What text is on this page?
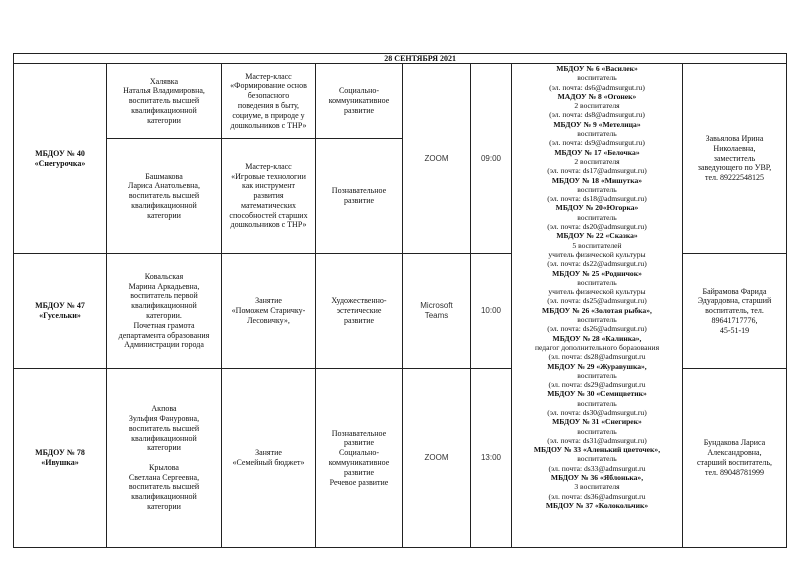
28 СЕНТЯБРЯ 2021
МБДОУ № 40
«Снегурочка»
Халявка
Наталья Владимировна,
воспитатель высшей
квалификационной
категории
Мастер-класс
«Формирование основ
безопасного
поведения в быту,
социуме, в природе у
дошкольников с ТНР»
Социально-
коммуникативное
развитие
Башмакова
Лариса Анатольевна,
воспитатель высшей
квалификационной
категории
Мастер-класс
«Игровые технологии
как инструмент
развития
математических
способностей старших
дошкольников с ТНР»
Познавательное
развитие
ZOOM	09:00
Завьялова Ирина
Николаевна,
заместитель
заведующего по УВР,
тел. 89222548125
МБДОУ № 47
«Гусельки»
Ковальская
Марина Аркадьевна,
воспитатель первой
квалификационной
категории.
Почетная грамота
департамента образования
Администрации города
Занятие
«Поможем Старичку-
Лесовичку»,
Художественно-
эстетические
развитие
Microsoft
Teams
10:00
Байрамова Фарида
Эдуардовна, старший
воспитатель, тел.
89641717776,
45-51-19
МБДОУ № 78
«Ивушка»
Акпова
Зульфия Фануровна,
воспитатель высшей
квалификационной
категории

Крылова
Светлана Сергеевна,
воспитатель высшей
квалификационной
категории
Занятие
«Семейный бюджет»
Познавательное
развитие
Социально-
коммуникативное
развитие
Речевое развитие
ZOOM	13:00
Бундакова Лариса
Александровна,
старший воспитатель,
тел. 89048781999
МБДОУ № 6 «Василек»
воспитатель
(эл. почта: ds6@admsurgut.ru)
МАДОУ № 8 «Огонек»
2 воспитателя
(эл. почта: ds8@admsurgut.ru)
МБДОУ № 9 «Метелица»
воспитатель
(эл. почта: ds9@admsurgut.ru)
МБДОУ № 17 «Белочка»
2 воспитателя
(эл. почта: ds17@admsurgut.ru)
МБДОУ № 18 «Мишутка»
воспитатель
(эл. почта: ds18@admsurgut.ru)
МБДОУ № 20«Югорка»
воспитатель
(эл. почта: ds20@admsurgut.ru)
МБДОУ № 22 «Сказка»
5 воспитателей
учитель физической культуры
(эл. почта: ds22@admsurgut.ru)
МБДОУ № 25 «Родничок»
воспитатель
учитель физической культуры
(эл. почта: ds25@admsurgut.ru)
МБДОУ № 26 «Золотая рыбка»,
воспитатель
(эл. почта: ds26@admsurgut.ru)
МБДОУ № 28 «Калинка»,
педагог дополнительного боразования
(эл. почта: ds28@admsurgut.ru
МБДОУ № 29 «Журавушка»,
воспитатель
(эл. почта: ds29@admsurgut.ru
МБДОУ № 30 «Семицветик»
воспитатель
(эл. почта: ds30@admsurgut.ru)
МБДОУ № 31 «Снегирек»
воспитатель
(эл. почта: ds31@admsurgut.ru)
МБДОУ № 33 «Аленький цветочек»,
воспитатель
(эл. почта: ds33@admsurgut.ru
МБДОУ № 36 «Яблонька»,
3 воспитателя
(эл. почта: ds36@admsurgut.ru
МБДОУ № 37 «Колокольчик»
